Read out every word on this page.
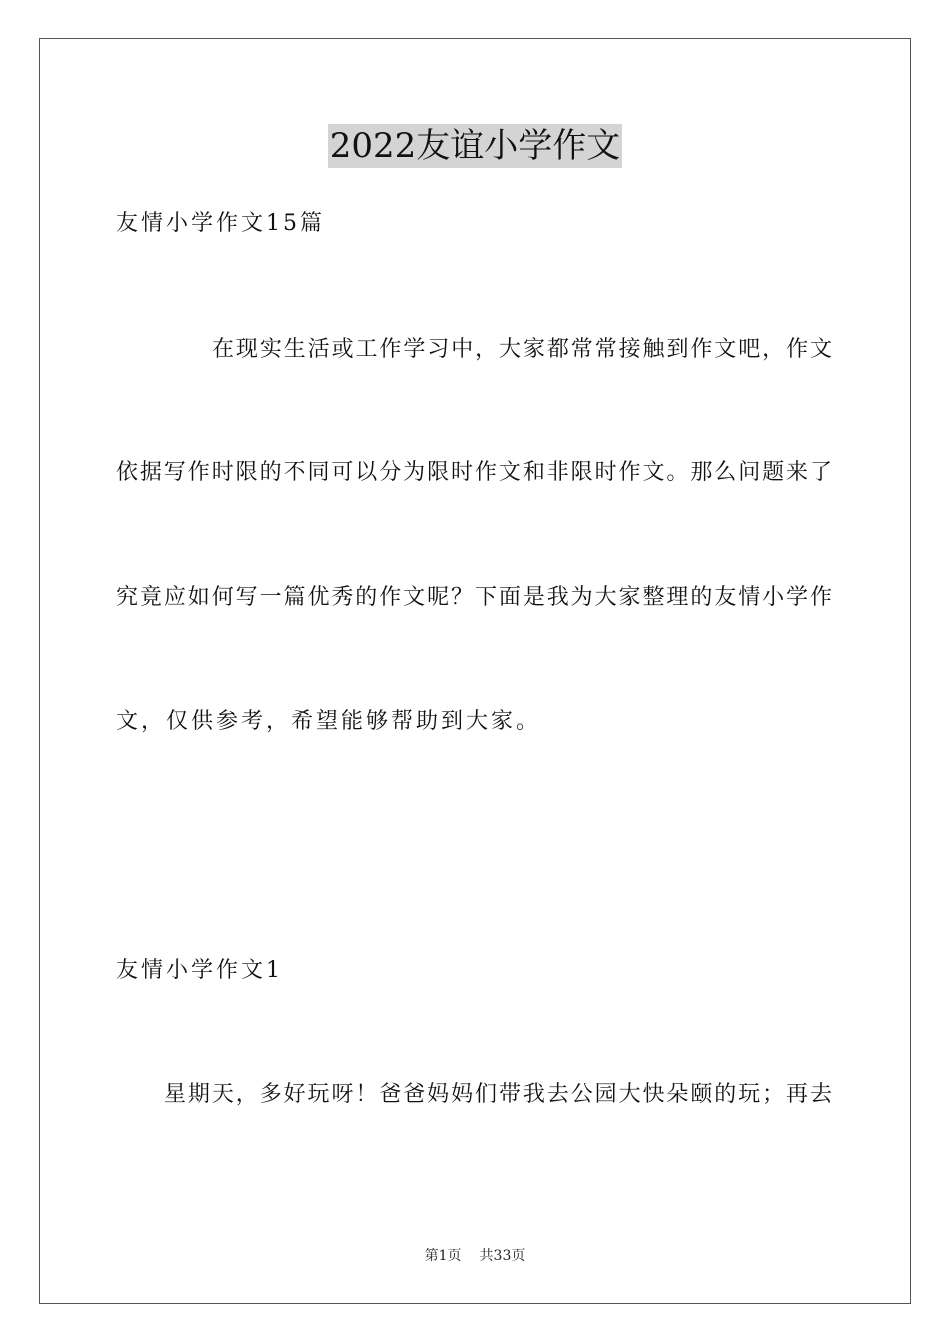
2022友谊小学作文
友情小学作文15篇
在现实生活或工作学习中，大家都常常接触到作文吧，作文
依据写作时限的不同可以分为限时作文和非限时作文。那么问题来了
究竟应如何写一篇优秀的作文呢？下面是我为大家整理的友情小学作
文，仅供参考，希望能够帮助到大家。
友情小学作文1
星期天，多好玩呀！爸爸妈妈们带我去公园大快朵颐的玩；再去
第1页 共33页
